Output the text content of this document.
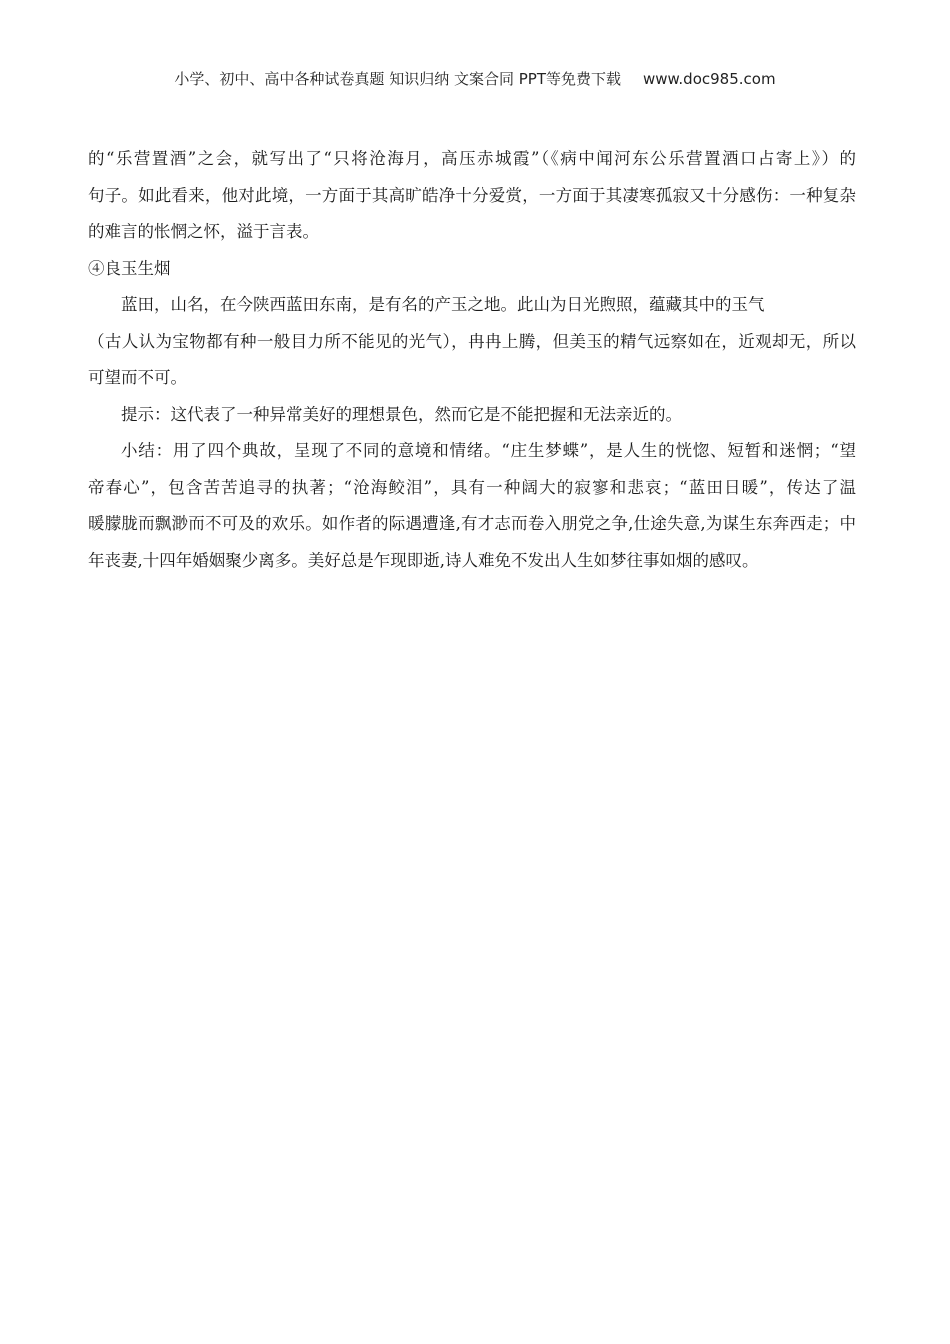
小学、初中、高中各种试卷真题 知识归纳 文案合同 PPT等免费下载 www.doc985.com
的“乐营置酒”之会，就写出了“只将沧海月，高压赤城霞”（《病中闻河东公乐营置酒口占寄上》）的
句子。如此看来，他对此境，一方面于其高旷皓净十分爱赏，一方面于其凄寒孤寂又十分感伤：一种复杂
的难言的怅惘之怀，溢于言表。
④良玉生烟
蓝田，山名，在今陕西蓝田东南，是有名的产玉之地。此山为日光煦照，蕴藏其中的玉气
（古人认为宝物都有种一般目力所不能见的光气），冉冉上腾，但美玉的精气远察如在，近观却无，所以
可望而不可。
提示：这代表了一种异常美好的理想景色，然而它是不能把握和无法亲近的。
小结：用了四个典故，呈现了不同的意境和情绪。“庄生梦蝶”，是人生的恍惚、短暂和迷惘；“望
帝春心”，包含苦苦追寻的执著；“沧海鲛泪”，具有一种阔大的寂寥和悲哀；“蓝田日暖”，传达了温
暖朦胧而飘渺而不可及的欢乐。如作者的际遇遭逢,有才志而卷入朋党之争,仕途失意,为谋生东奔西走；中
年丧妻,十四年婚姻聚少离多。美好总是乍现即逝,诗人难免不发出人生如梦往事如烟的感叹。
